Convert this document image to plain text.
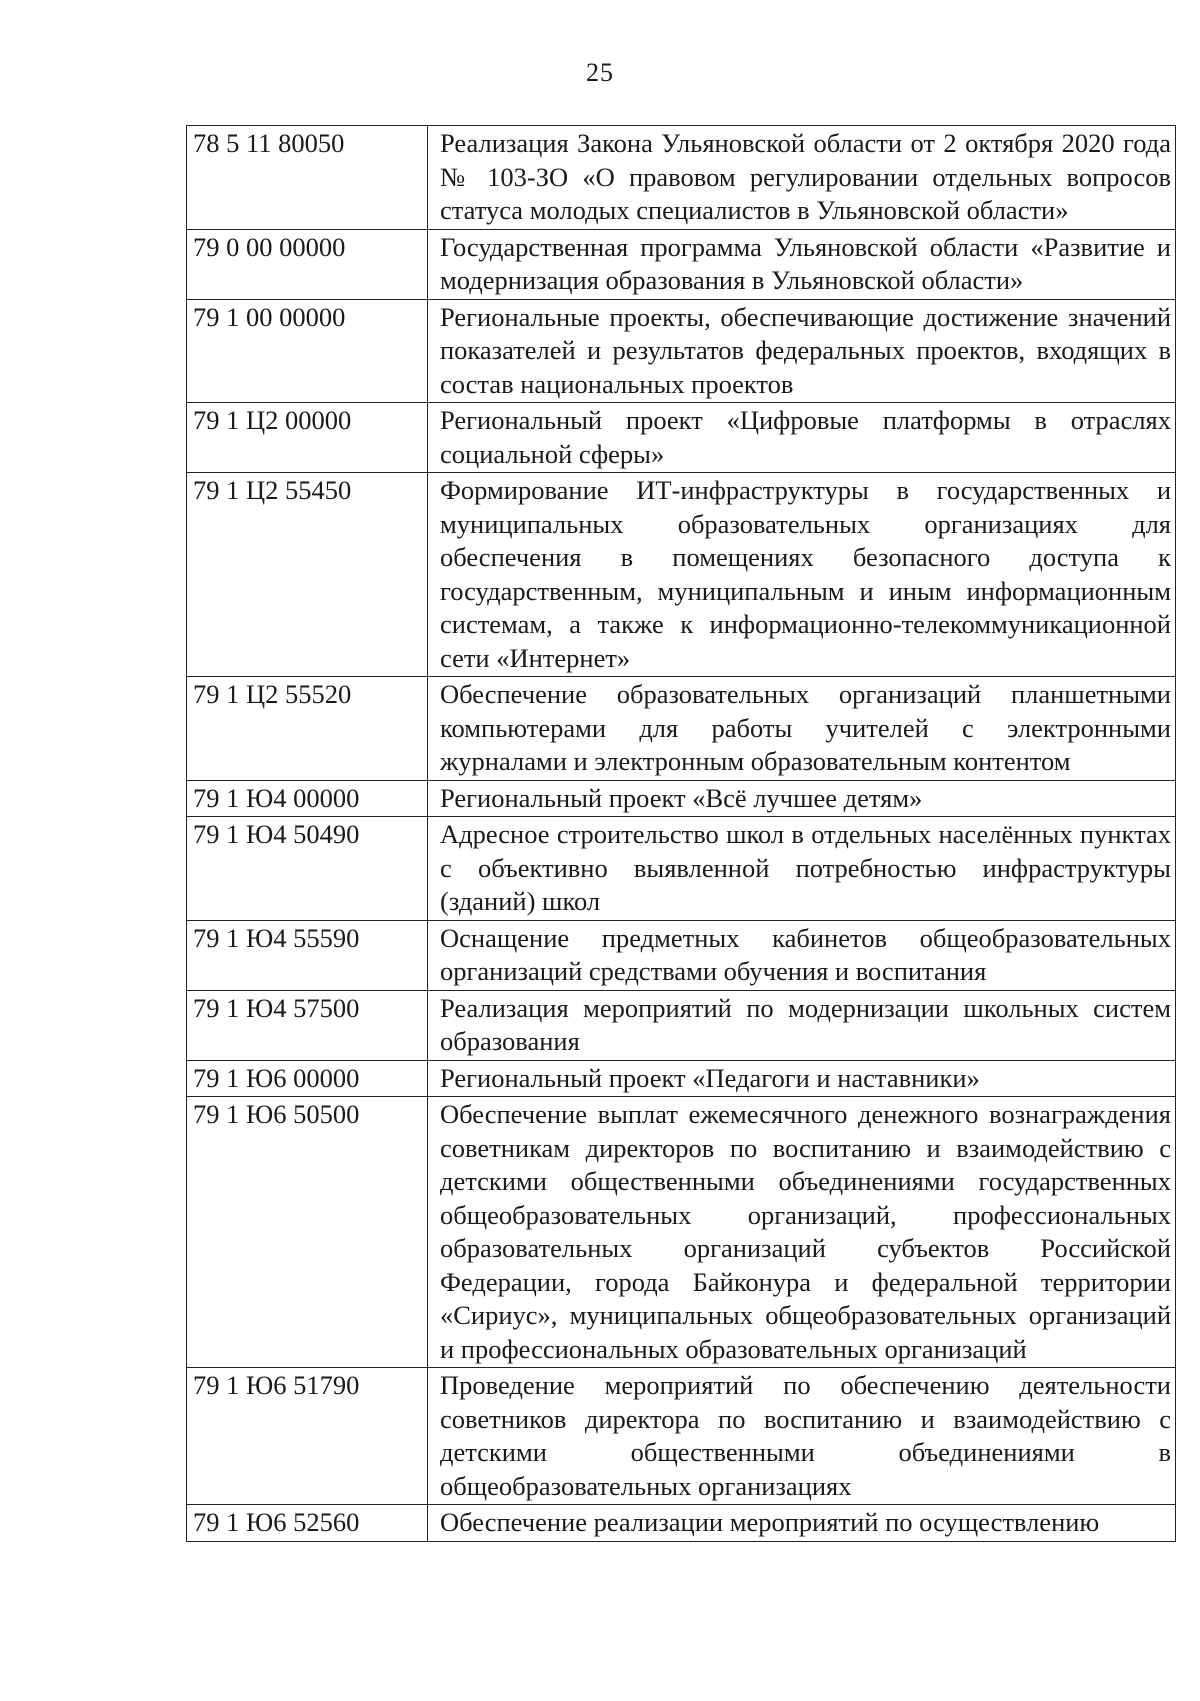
25
78 5 11 80050	Реализация Закона Ульяновской области от 2 октября 2020 года № 103-ЗО «О правовом регулировании отдельных вопросов статуса молодых специалистов в Ульяновской области»
79 0 00 00000	Государственная программа Ульяновской области «Развитие и модернизация образования в Ульяновской области»
79 1 00 00000	Региональные проекты, обеспечивающие достижение значений показателей и результатов федеральных проектов, входящих в состав национальных проектов
79 1 Ц2 00000	Региональный проект «Цифровые платформы в отраслях социальной сферы»
79 1 Ц2 55450	Формирование ИТ-инфраструктуры в государственных и муниципальных образовательных организациях для обеспечения в помещениях безопасного доступа к государственным, муниципальным и иным информационным системам, а также к информационно-телекоммуникационной сети «Интернет»
79 1 Ц2 55520	Обеспечение образовательных организаций планшетными компьютерами для работы учителей с электронными журналами и электронным образовательным контентом
79 1 Ю4 00000	Региональный проект «Всё лучшее детям»
79 1 Ю4 50490	Адресное строительство школ в отдельных населённых пунктах с объективно выявленной потребностью инфраструктуры (зданий) школ
79 1 Ю4 55590	Оснащение предметных кабинетов общеобразовательных организаций средствами обучения и воспитания
79 1 Ю4 57500	Реализация мероприятий по модернизации школьных систем образования
79 1 Ю6 00000	Региональный проект «Педагоги и наставники»
79 1 Ю6 50500	Обеспечение выплат ежемесячного денежного вознаграждения советникам директоров по воспитанию и взаимодействию с детскими общественными объединениями государственных общеобразовательных организаций, профессиональных образовательных организаций субъектов Российской Федерации, города Байконура и федеральной территории «Сириус», муниципальных общеобразовательных организаций и профессиональных образовательных организаций
79 1 Ю6 51790	Проведение мероприятий по обеспечению деятельности советников директора по воспитанию и взаимодействию с детскими общественными объединениями в общеобразовательных организациях
79 1 Ю6 52560	Обеспечение реализации мероприятий по осуществлению
